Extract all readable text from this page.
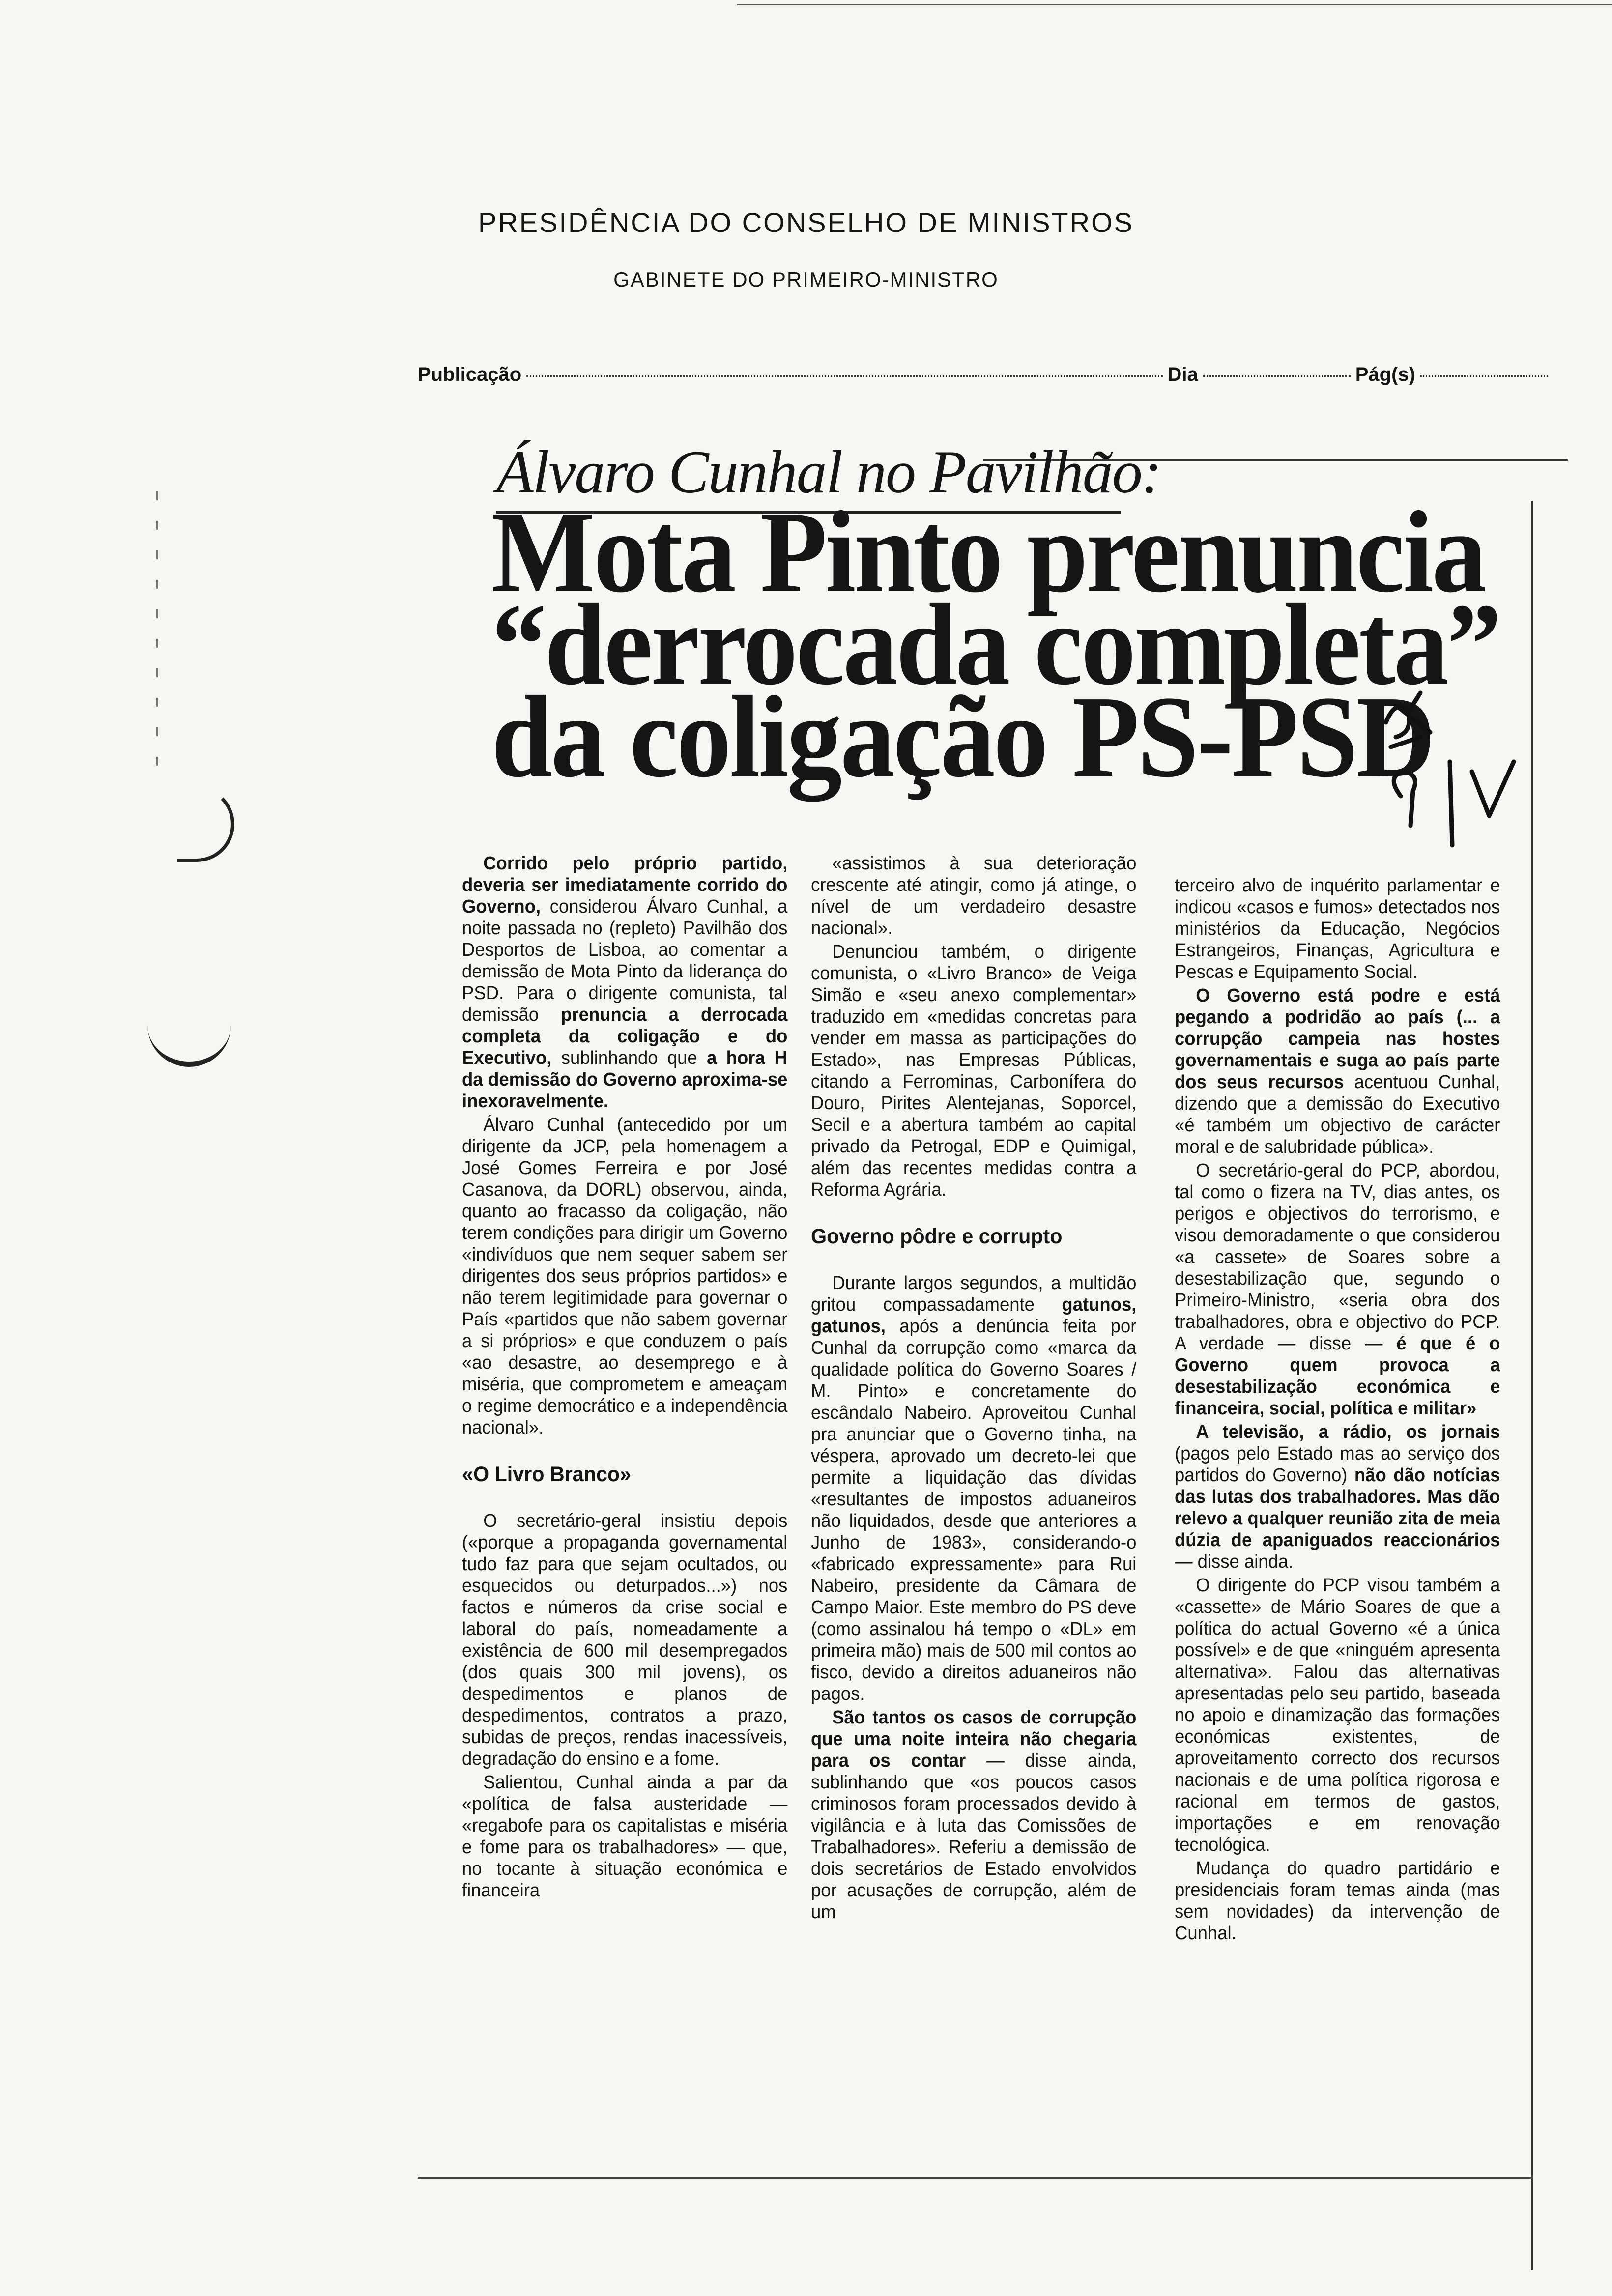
PRESIDÊNCIA DO CONSELHO DE MINISTROS
GABINETE DO PRIMEIRO-MINISTRO
Publicação	Dia	Pág(s)
Álvaro Cunhal no Pavilhão:
Mota Pinto prenuncia
“derrocada completa”
da coligação PS-PSD
9|V

Corrido pelo próprio partido, deveria ser imediatamente corrido do Governo, considerou Álvaro Cunhal, a noite passada no (repleto) Pavilhão dos Desportos de Lisboa, ao comentar a demissão de Mota Pinto da liderança do PSD. Para o dirigente comunista, tal demissão prenuncia a derrocada completa da coligação e do Executivo, sublinhando que a hora H da demissão do Governo aproxima-se inexoravelmente.

Álvaro Cunhal (antecedido por um dirigente da JCP, pela homenagem a José Gomes Ferreira e por José Casanova, da DORL) observou, ainda, quanto ao fracasso da coligação, não terem condições para dirigir um Governo «indivíduos que nem sequer sabem ser dirigentes dos seus próprios partidos» e não terem legitimidade para governar o País «partidos que não sabem governar a si próprios» e que conduzem o país «ao desastre, ao desemprego e à miséria, que comprometem e ameaçam o regime democrático e a independência nacional».

«O Livro Branco»

O secretário-geral insistiu depois («porque a propaganda governamental tudo faz para que sejam ocultados, ou esquecidos ou deturpados...») nos factos e números da crise social e laboral do país, nomeadamente a existência de 600 mil desempregados (dos quais 300 mil jovens), os despedimentos e planos de despedimentos, contratos a prazo, subidas de preços, rendas inacessíveis, degradação do ensino e a fome.

Salientou, Cunhal ainda a par da «política de falsa austeridade — «regabofe para os capitalistas e miséria e fome para os trabalhadores» — que, no tocante à situação económica e financeira

«assistimos à sua deterioração crescente até atingir, como já atinge, o nível de um verdadeiro desastre nacional».

Denunciou também, o dirigente comunista, o «Livro Branco» de Veiga Simão e «seu anexo complementar» traduzido em «medidas concretas para vender em massa as participações do Estado», nas Empresas Públicas, citando a Ferrominas, Carbonífera do Douro, Pirites Alentejanas, Soporcel, Secil e a abertura também ao capital privado da Petrogal, EDP e Quimigal, além das recentes medidas contra a Reforma Agrária.

Governo pôdre e corrupto

Durante largos segundos, a multidão gritou compassadamente gatunos, gatunos, após a denúncia feita por Cunhal da corrupção como «marca da qualidade política do Governo Soares / M. Pinto» e concretamente do escândalo Nabeiro. Aproveitou Cunhal pra anunciar que o Governo tinha, na véspera, aprovado um decreto-lei que permite a liquidação das dívidas «resultantes de impostos aduaneiros não liquidados, desde que anteriores a Junho de 1983», considerando-o «fabricado expressamente» para Rui Nabeiro, presidente da Câmara de Campo Maior. Este membro do PS deve (como assinalou há tempo o «DL» em primeira mão) mais de 500 mil contos ao fisco, devido a direitos aduaneiros não pagos.

São tantos os casos de corrupção que uma noite inteira não chegaria para os contar — disse ainda, sublinhando que «os poucos casos criminosos foram processados devido à vigilância e à luta das Comissões de Trabalhadores». Referiu a demissão de dois secretários de Estado envolvidos por acusações de corrupção, além de um

terceiro alvo de inquérito parlamentar e indicou «casos e fumos» detectados nos ministérios da Educação, Negócios Estrangeiros, Finanças, Agricultura e Pescas e Equipamento Social.

O Governo está podre e está pegando a podridão ao país (... a corrupção campeia nas hostes governamentais e suga ao país parte dos seus recursos acentuou Cunhal, dizendo que a demissão do Executivo «é também um objectivo de carácter moral e de salubridade pública».

O secretário-geral do PCP, abordou, tal como o fizera na TV, dias antes, os perigos e objectivos do terrorismo, e visou demoradamente o que considerou «a cassete» de Soares sobre a desestabilização que, segundo o Primeiro-Ministro, «seria obra dos trabalhadores, obra e objectivo do PCP. A verdade — disse — é que é o Governo quem provoca a desestabilização económica e financeira, social, política e militar»

A televisão, a rádio, os jornais (pagos pelo Estado mas ao serviço dos partidos do Governo) não dão notícias das lutas dos trabalhadores. Mas dão relevo a qualquer reunião zita de meia dúzia de apaniguados reaccionários — disse ainda.

O dirigente do PCP visou também a «cassette» de Mário Soares de que a política do actual Governo «é a única possível» e de que «ninguém apresenta alternativa». Falou das alternativas apresentadas pelo seu partido, baseada no apoio e dinamização das formações económicas existentes, de aproveitamento correcto dos recursos nacionais e de uma política rigorosa e racional em termos de gastos, importações e em renovação tecnológica.

Mudança do quadro partidário e presidenciais foram temas ainda (mas sem novidades) da intervenção de Cunhal.
